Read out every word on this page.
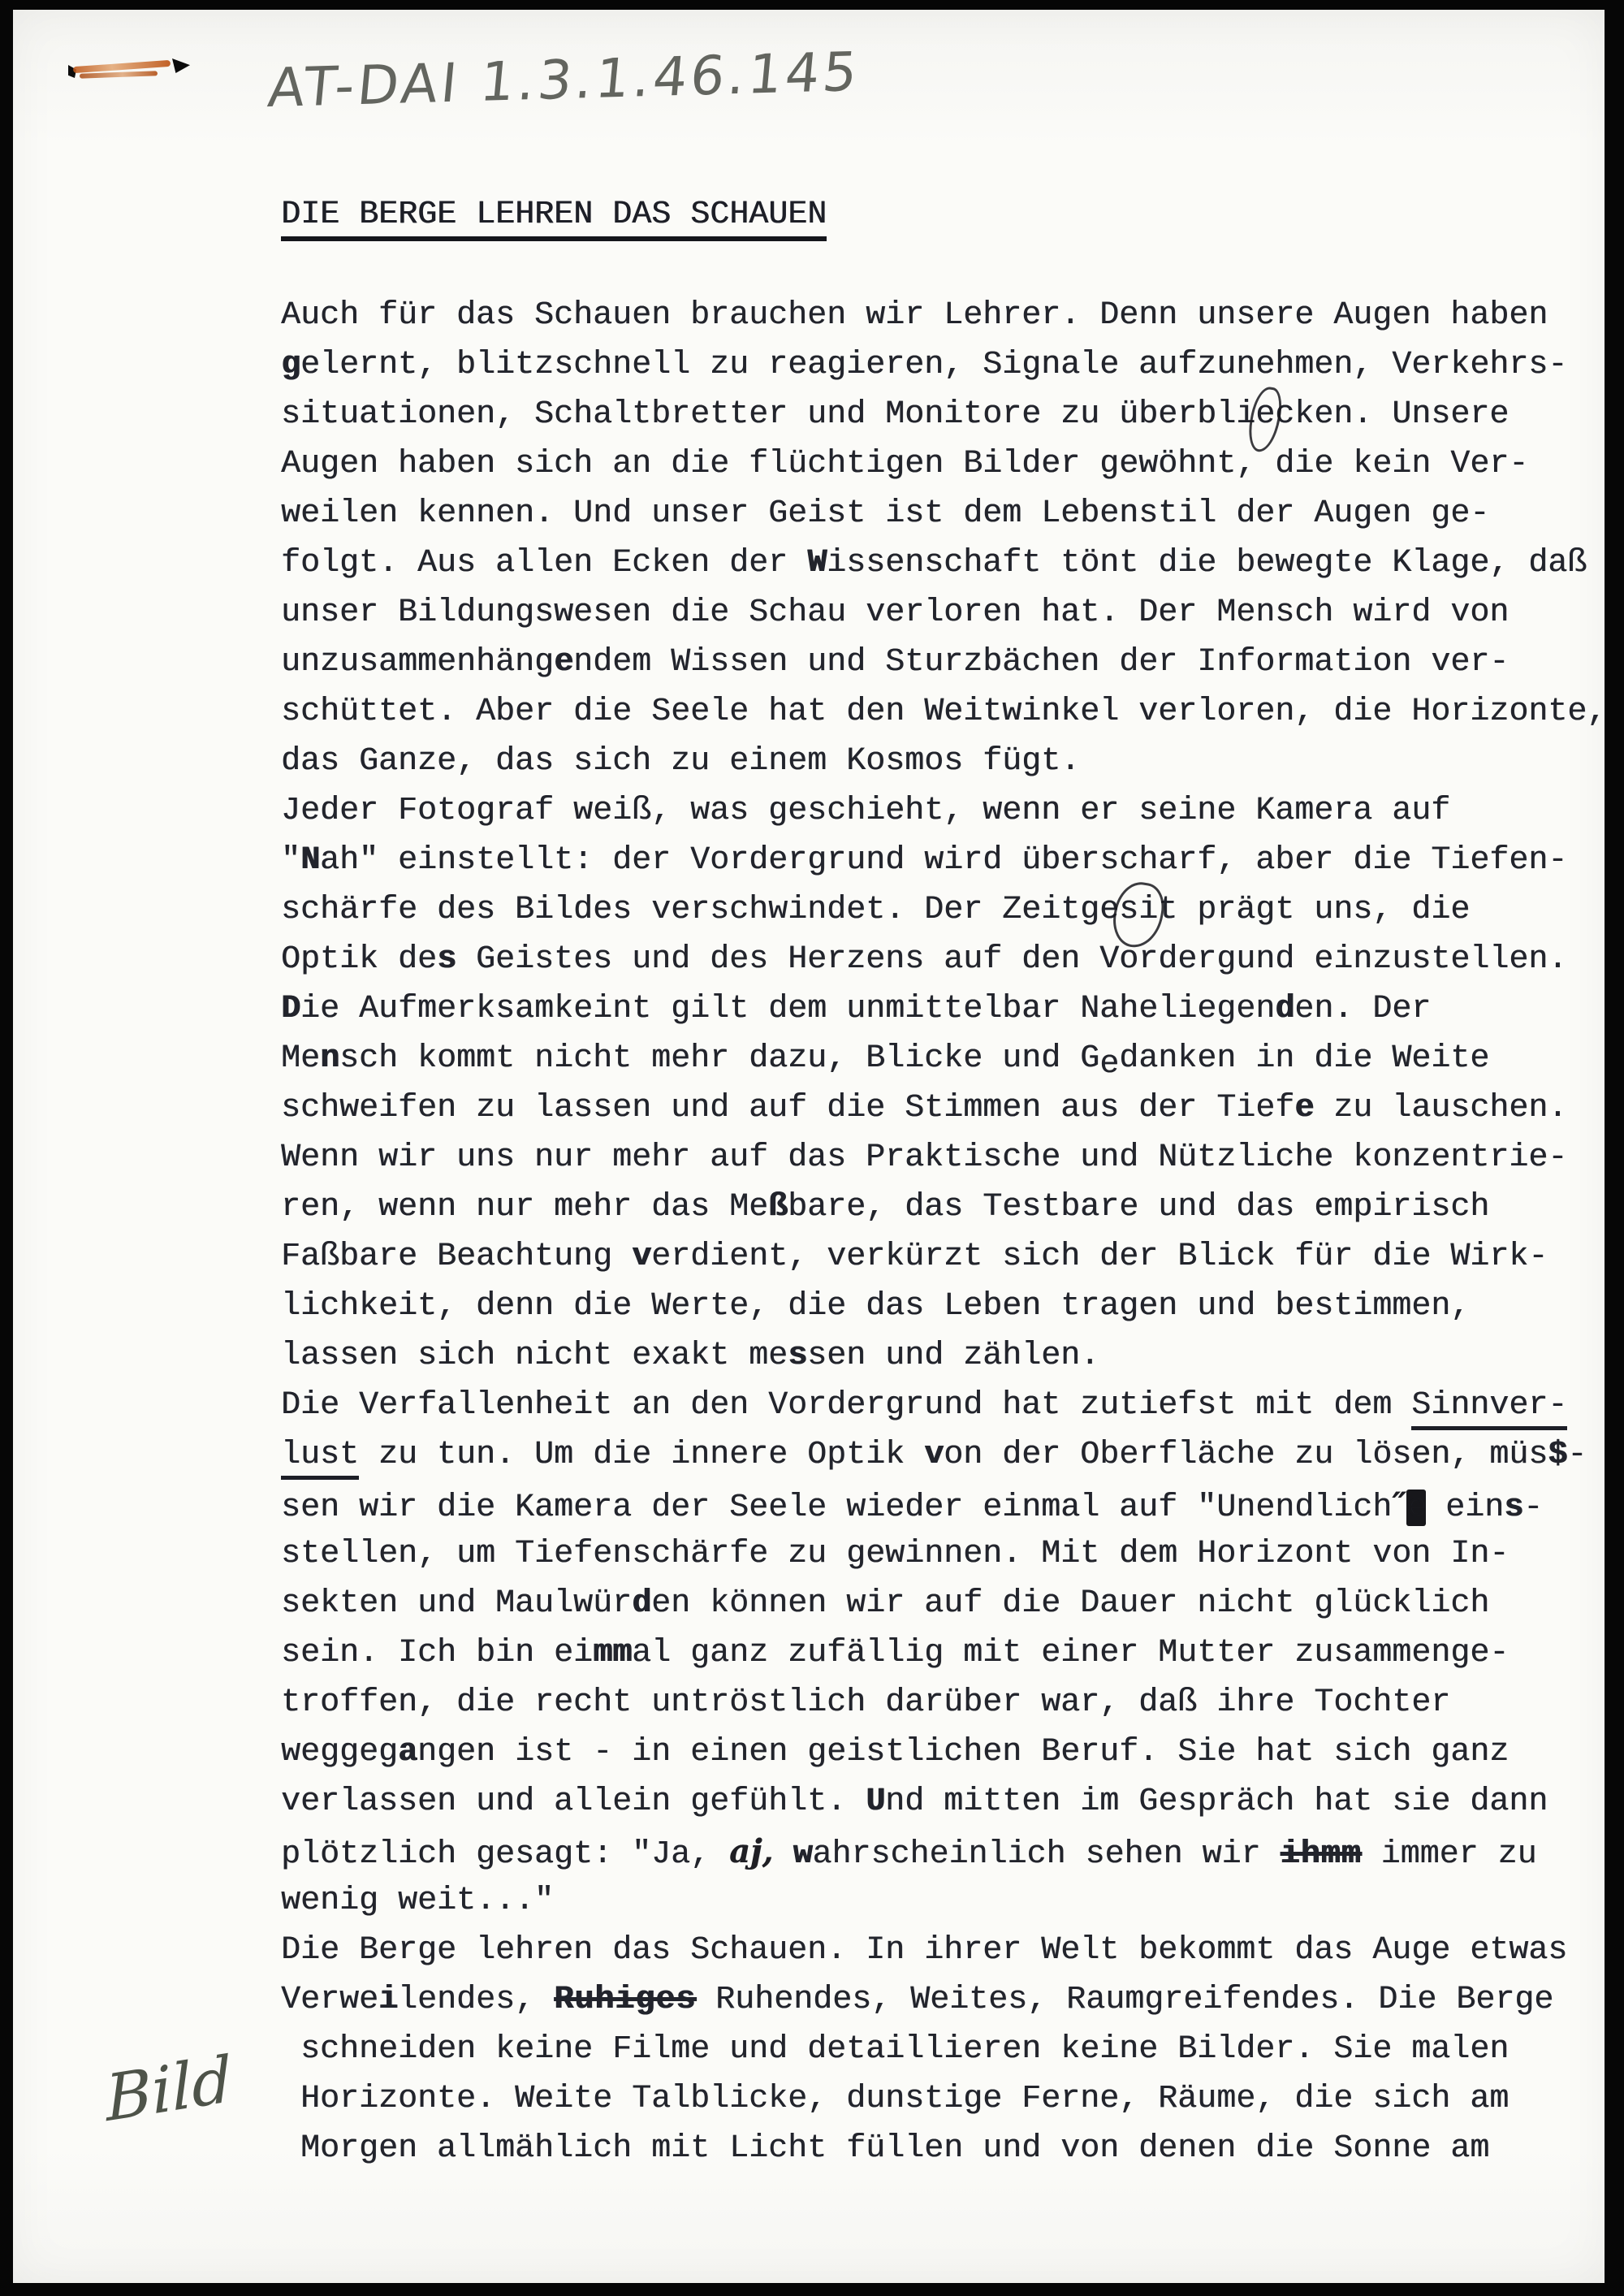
AT-DAI 1.3.1.46.145
DIE BERGE LEHREN DAS SCHAUEN
Auch für das Schauen brauchen wir Lehrer. Denn unsere Augen haben
gelernt, blitzschnell zu reagieren, Signale aufzunehmen, Verkehrs-
situationen, Schaltbretter und Monitore zu überbliecken. Unsere
Augen haben sich an die flüchtigen Bilder gewöhnt, die kein Ver-
weilen kennen. Und unser Geist ist dem Lebenstil der Augen ge-
folgt. Aus allen Ecken der Wissenschaft tönt die bewegte Klage, daß
unser Bildungswesen die Schau verloren hat. Der Mensch wird von
unzusammenhängendem Wissen und Sturzbächen der Information ver-
schüttet. Aber die Seele hat den Weitwinkel verloren, die Horizonte,
das Ganze, das sich zu einem Kosmos fügt.
Jeder Fotograf weiß, was geschieht, wenn er seine Kamera auf
"Nah" einstellt: der Vordergrund wird überscharf, aber die Tiefen-
schärfe des Bildes verschwindet. Der Zeitgesit prägt uns, die
Optik des Geistes und des Herzens auf den Vordergund einzustellen.
Die Aufmerksamkeint gilt dem unmittelbar Naheliegenden. Der
Mensch kommt nicht mehr dazu, Blicke und Gedanken in die Weite
schweifen zu lassen und auf die Stimmen aus der Tiefe zu lauschen.
Wenn wir uns nur mehr auf das Praktische und Nützliche konzentrie-
ren, wenn nur mehr das Meßbare, das Testbare und das empirisch
Faßbare Beachtung verdient, verkürzt sich der Blick für die Wirk-
lichkeit, denn die Werte, die das Leben tragen und bestimmen,
lassen sich nicht exakt messen und zählen.
Die Verfallenheit an den Vordergrund hat zutiefst mit dem Sinnver-
lust zu tun. Um die innere Optik von der Oberfläche zu lösen, müs$-
sen wir die Kamera der Seele wieder einmal auf "Unendlich″e eins-
stellen, um Tiefenschärfe zu gewinnen. Mit dem Horizont von In-
sekten und Maulwürden können wir auf die Dauer nicht glücklich
sein. Ich bin eimmal ganz zufällig mit einer Mutter zusammenge-
troffen, die recht untröstlich darüber war, daß ihre Tochter
weggegangen ist - in einen geistlichen Beruf. Sie hat sich ganz
verlassen und allein gefühlt. Und mitten im Gespräch hat sie dann
plötzlich gesagt: "Ja, aj, wahrscheinlich sehen wir ihmm immer zu
wenig weit..."
Die Berge lehren das Schauen. In ihrer Welt bekommt das Auge etwas
Verweilendes, Ruhiges Ruhendes, Weites, Raumgreifendes. Die Berge
schneiden keine Filme und detaillieren keine Bilder. Sie malen
Horizonte. Weite Talblicke, dunstige Ferne, Räume, die sich am
Morgen allmählich mit Licht füllen und von denen die Sonne am
Bild
